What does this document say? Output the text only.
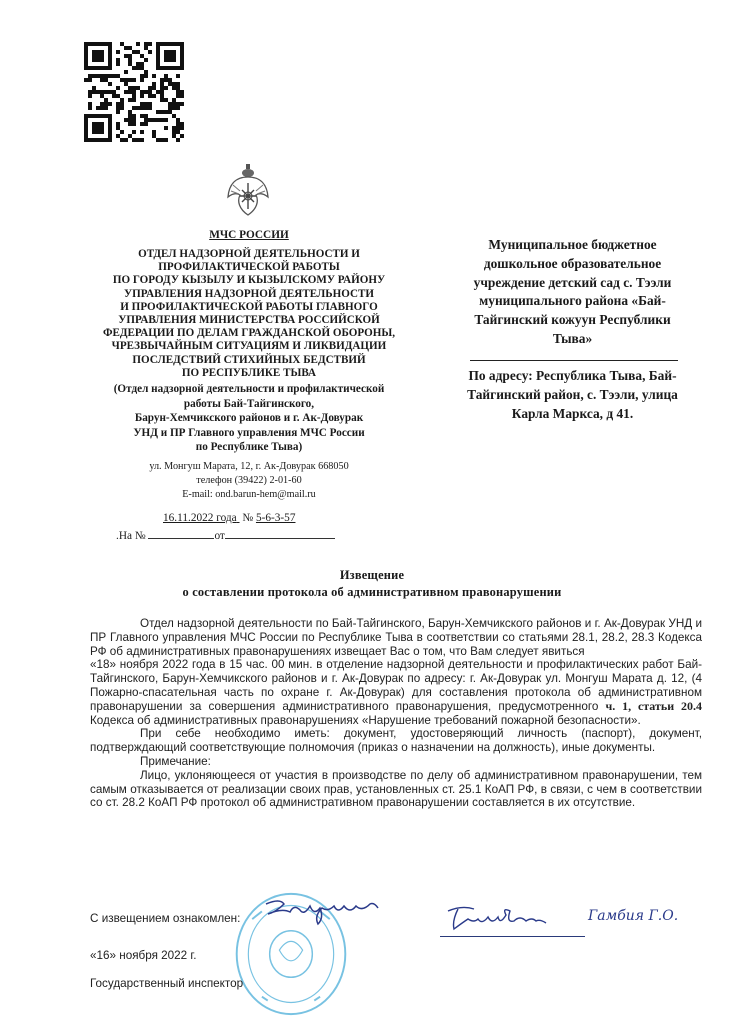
МЧС РОССИИ
ОТДЕЛ НАДЗОРНОЙ ДЕЯТЕЛЬНОСТИ И
ПРОФИЛАКТИЧЕСКОЙ РАБОТЫ
ПО ГОРОДУ КЫЗЫЛУ И КЫЗЫЛСКОМУ РАЙОНУ
УПРАВЛЕНИЯ НАДЗОРНОЙ ДЕЯТЕЛЬНОСТИ
И ПРОФИЛАКТИЧЕСКОЙ РАБОТЫ ГЛАВНОГО
УПРАВЛЕНИЯ МИНИСТЕРСТВА РОССИЙСКОЙ
ФЕДЕРАЦИИ ПО ДЕЛАМ ГРАЖДАНСКОЙ ОБОРОНЫ,
ЧРЕЗВЫЧАЙНЫМ СИТУАЦИЯМ И ЛИКВИДАЦИИ
ПОСЛЕДСТВИЙ СТИХИЙНЫХ БЕДСТВИЙ
ПО РЕСПУБЛИКЕ ТЫВА
(Отдел надзорной деятельности и профилактической
работы Бай-Тайгинского,
Барун-Хемчикского районов и г. Ак-Довурак
УНД и ПР Главного управления МЧС России
по Республике Тыва)
ул. Монгуш Марата, 12, г. Ак-Довурак 668050
телефон (39422) 2-01-60
E-mail: ond.barun-hem@mail.ru
16.11.2022 года № 5-6-3-57
.На №	от
Муниципальное бюджетное
дошкольное образовательное
учреждение детский сад с. Тээли
муниципального района «Бай-
Тайгинский кожуун Республики
Тыва»
По адресу: Республика Тыва, Бай-
Тайгинский район, с. Тээли, улица
Карла Маркса, д 41.
Извещение
о составлении протокола об административном правонарушении

Отдел надзорной деятельности по Бай-Тайгинского, Барун-Хемчикского районов и г. Ак-Довурак УНД и ПР Главного управления МЧС России по Республике Тыва в соответствии со статьями 28.1, 28.2, 28.3 Кодекса РФ об административных правонарушениях извещает Вас о том, что Вам следует явиться

«18» ноября 2022 года в 15 час. 00 мин. в отделение надзорной деятельности и профилактических работ Бай-Тайгинского, Барун-Хемчикского районов и г. Ак-Довурак по адресу: г. Ак-Довурак ул. Монгуш Марата д. 12, (4 Пожарно-спасательная часть по охране г. Ак-Довурак) для составления протокола об административном правонарушении за совершения административного правонарушения, предусмотренного ч. 1, статьи 20.4 Кодекса об административных правонарушениях «Нарушение требований пожарной безопасности».

При себе необходимо иметь: документ, удостоверяющий личность (паспорт), документ, подтверждающий соответствующие полномочия (приказ о назначении на должность), иные документы.

Примечание:

Лицо, уклоняющееся от участия в производстве по делу об административном правонарушении, тем самым отказывается от реализации своих прав, установленных ст. 25.1 КоАП РФ, в связи, с чем в соответствии со ст. 28.2 КоАП РФ протокол об административном правонарушении составляется в их отсутствие.

С извещением ознакомлен:
«16» ноября 2022 г.
Государственный инспектор
Гамбия Г.О.
